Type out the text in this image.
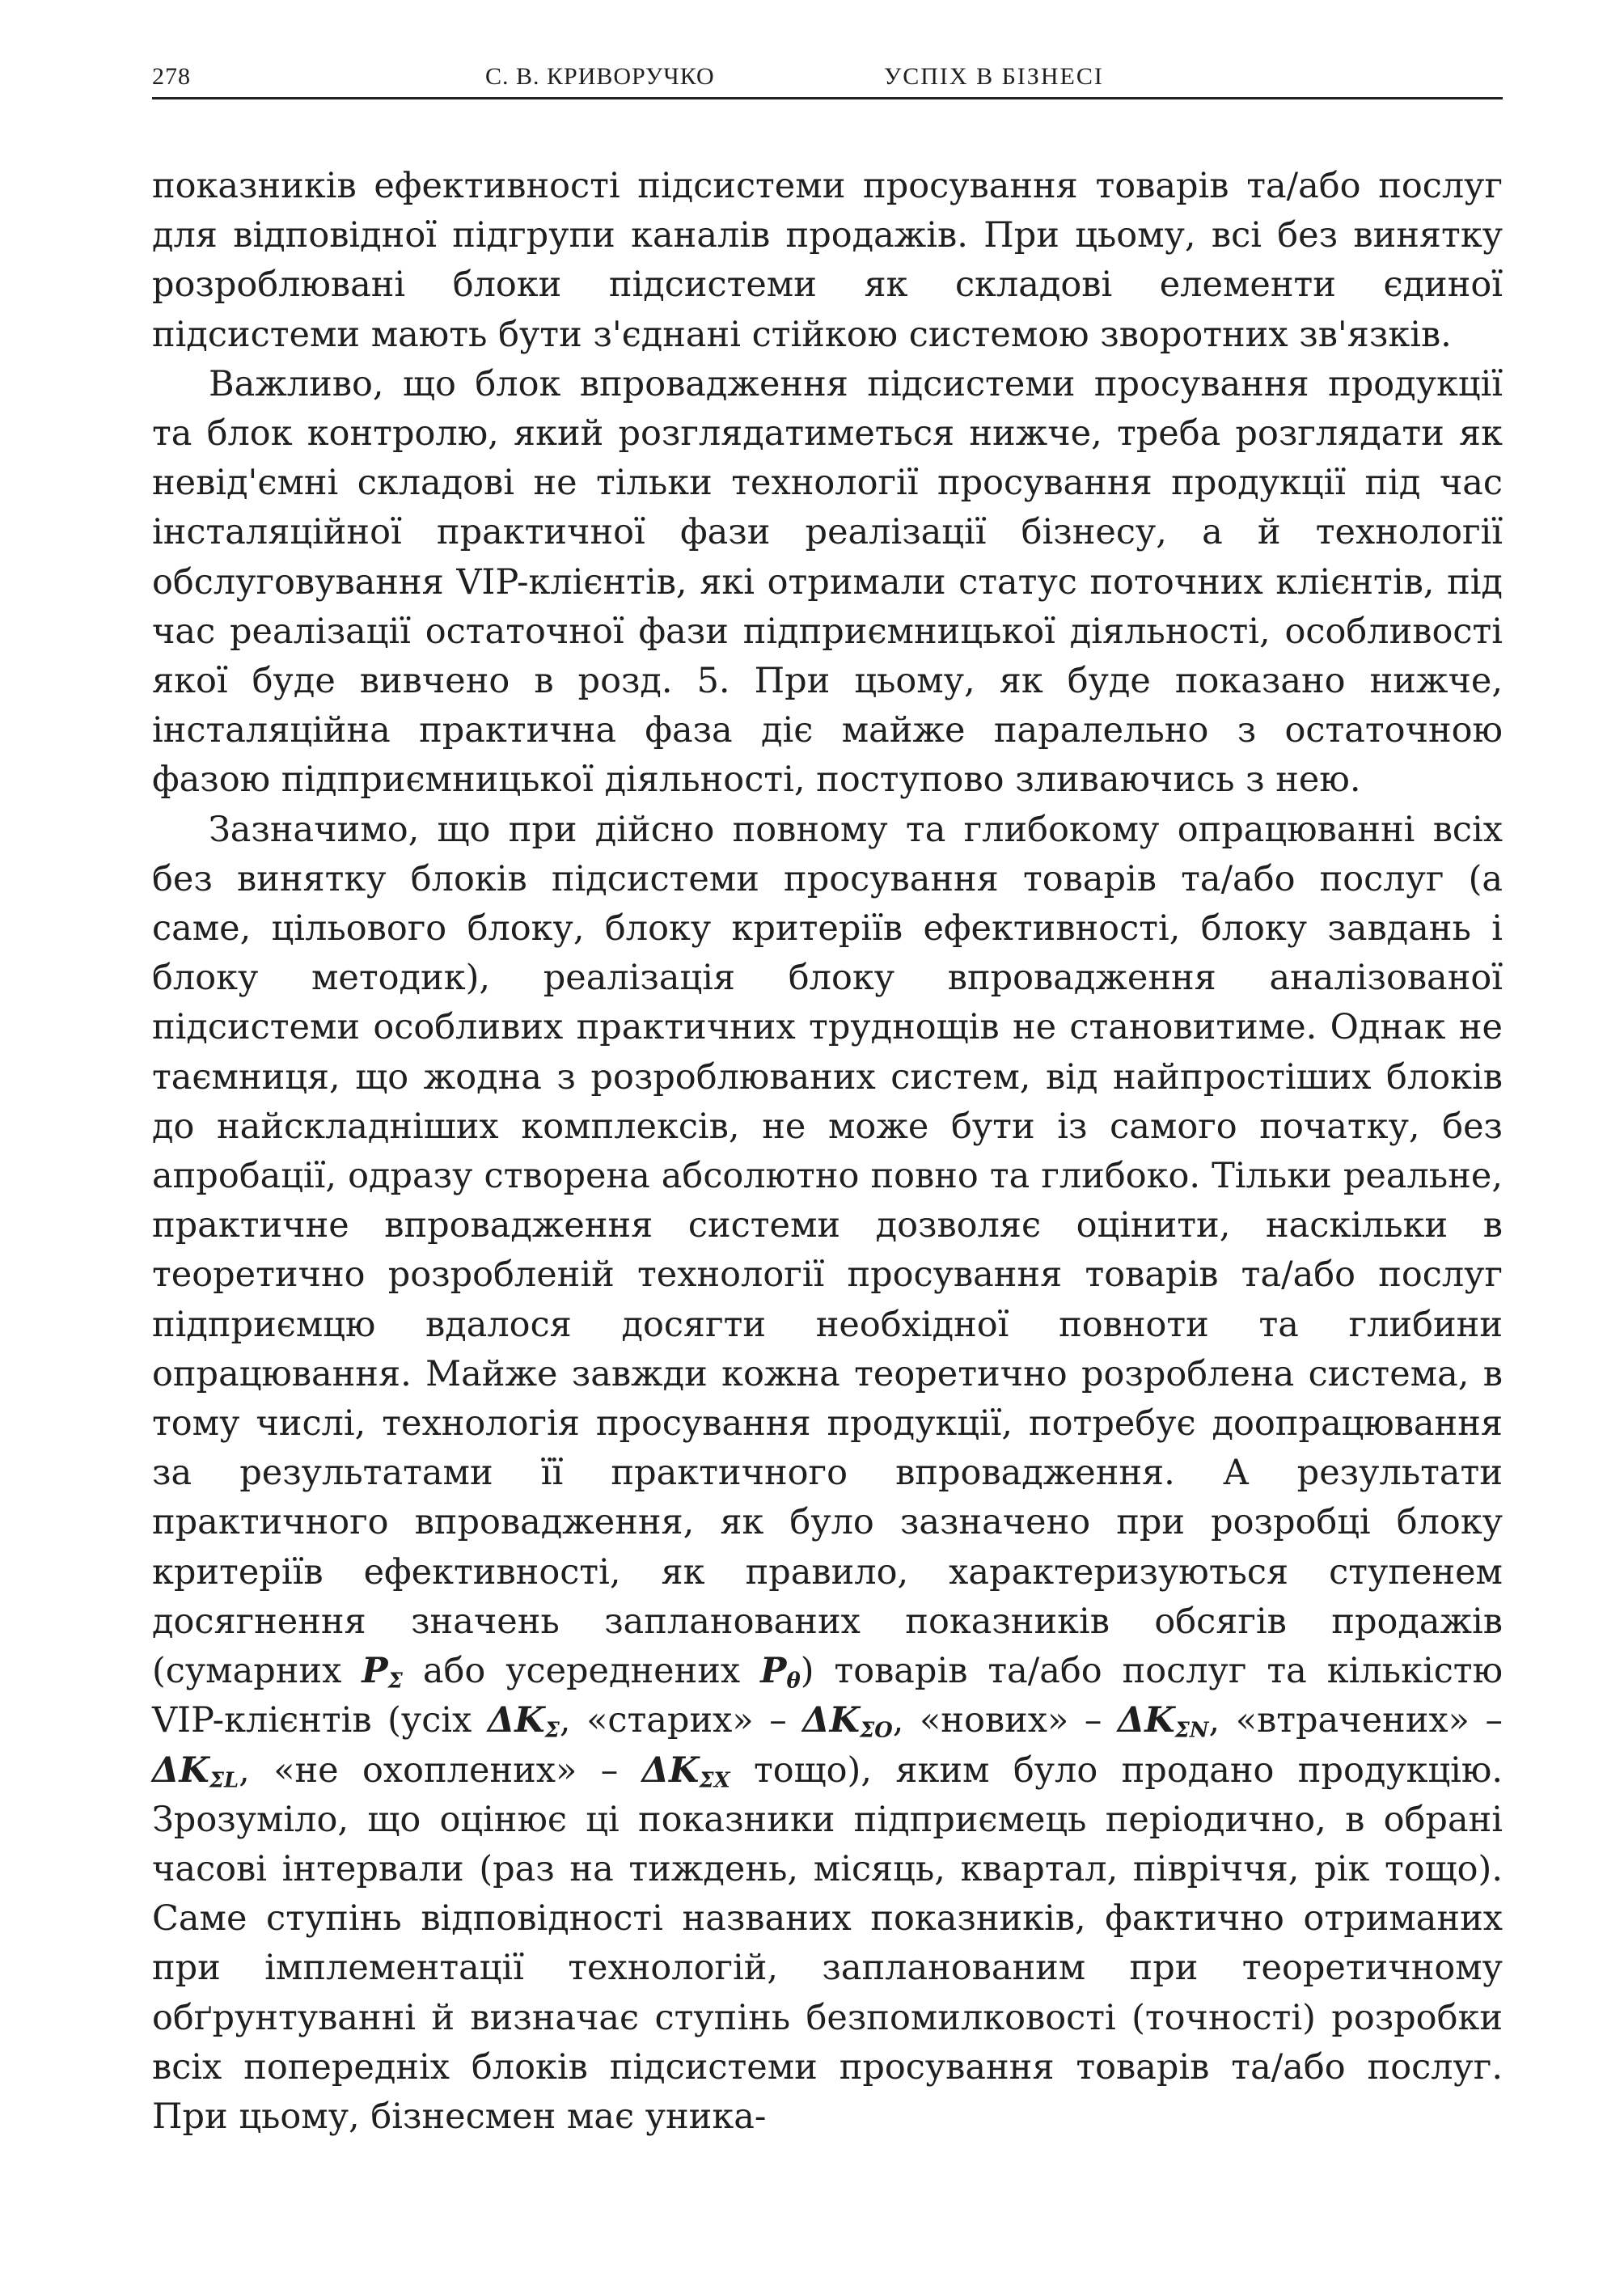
278	С. В. КРИВОРУЧКО	УСПІХ В БІЗНЕСІ

показників ефективності підсистеми просування товарів та/або послуг для відповідної підгрупи каналів продажів. При цьому, всі без винятку розроблювані блоки підсистеми як складові елементи єдиної підсистеми мають бути з'єднані стійкою системою зворотних зв'язків.

Важливо, що блок впровадження підсистеми просування продукції та блок контролю, який розглядатиметься нижче, треба розглядати як невід'ємні складові не тільки технології просування продукції під час інсталяційної практичної фази реалізації бізнесу, а й технології обслуговування VIP-клієнтів, які отримали статус поточних клієнтів, під час реалізації остаточної фази підприємницької діяльності, особливості якої буде вивчено в розд. 5. При цьому, як буде показано нижче, інсталяційна практична фаза діє майже паралельно з остаточною фазою підприємницької діяльності, поступово зливаючись з нею.

Зазначимо, що при дійсно повному та глибокому опрацюванні всіх без винятку блоків підсистеми просування товарів та/або послуг (а саме, цільового блоку, блоку критеріїв ефективності, блоку завдань і блоку методик), реалізація блоку впровадження аналізованої підсистеми особливих практичних труднощів не становитиме. Однак не таємниця, що жодна з розроблюваних систем, від найпростіших блоків до найскладніших комплексів, не може бути із самого початку, без апробації, одразу створена абсолютно повно та глибоко. Тільки реальне, практичне впровадження системи дозволяє оцінити, наскільки в теоретично розробленій технології просування товарів та/або послуг підприємцю вдалося досягти необхідної повноти та глибини опрацювання. Майже завжди кожна теоретично розроблена система, в тому числі, технологія просування продукції, потребує доопрацювання за результатами її практичного впровадження. А результати практичного впровадження, як було зазначено при розробці блоку критеріїв ефективності, як правило, характеризуються ступенем досягнення значень запланованих показників обсягів продажів (сумарних $P_\Sigma$ або усереднених $P_\theta$) товарів та/або послуг та кількістю VIP-клієнтів (усіх $\Delta K_\Sigma$, «старих» – $\Delta K_{\Sigma O}$, «нових» – $\Delta K_{\Sigma N}$, «втрачених» – $\Delta K_{\Sigma L}$, «не охоплених» – $\Delta K_{\Sigma X}$ тощо), яким було продано продукцію. Зрозуміло, що оцінює ці показники підприємець періодично, в обрані часові інтервали (раз на тиждень, місяць, квартал, півріччя, рік тощо). Саме ступінь відповідності названих показників, фактично отриманих при імплементації технологій, запланованим при теоретичному обґрунтуванні й визначає ступінь безпомилковості (точності) розробки всіх попередніх блоків підсистеми просування товарів та/або послуг. При цьому, бізнесмен має уника-
